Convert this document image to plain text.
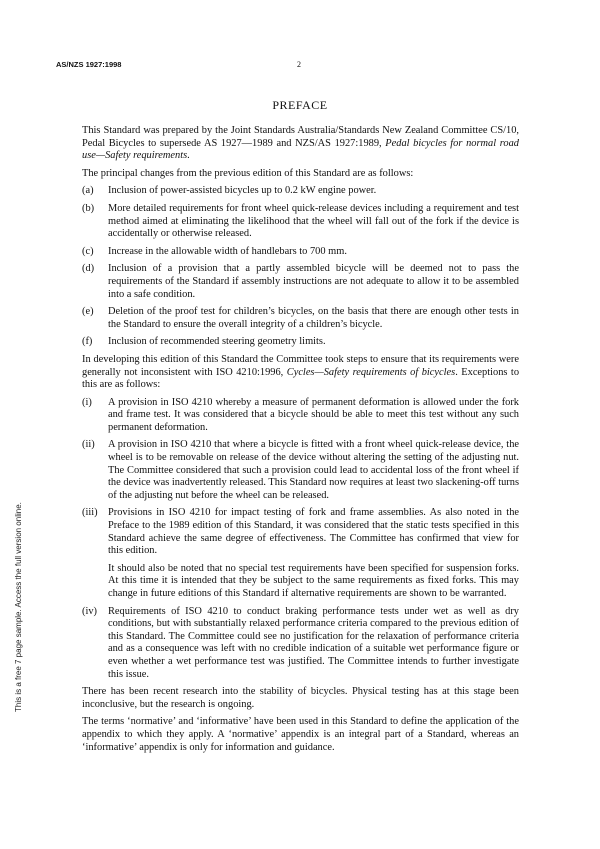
AS/NZS 1927:1998	2
This is a free 7 page sample. Access the full version online.
PREFACE

This Standard was prepared by the Joint Standards Australia/Standards New Zealand Committee CS/10, Pedal Bicycles to supersede AS 1927—1989 and NZS/AS 1927:1989, Pedal bicycles for normal road use—Safety requirements.

The principal changes from the previous edition of this Standard are as follows:

(a)	Inclusion of power-assisted bicycles up to 0.2 kW engine power.
(b)	More detailed requirements for front wheel quick-release devices including a requirement and test method aimed at eliminating the likelihood that the wheel will fall out of the fork if the device is accidentally or otherwise released.
(c)	Increase in the allowable width of handlebars to 700 mm.
(d)	Inclusion of a provision that a partly assembled bicycle will be deemed not to pass the requirements of the Standard if assembly instructions are not adequate to allow it to be assembled into a safe condition.
(e)	Deletion of the proof test for children’s bicycles, on the basis that there are enough other tests in the Standard to ensure the overall integrity of a children’s bicycle.
(f)	Inclusion of recommended steering geometry limits.

In developing this edition of this Standard the Committee took steps to ensure that its requirements were generally not inconsistent with ISO 4210:1996, Cycles—Safety requirements of bicycles. Exceptions to this are as follows:

(i)	A provision in ISO 4210 whereby a measure of permanent deformation is allowed under the fork and frame test. It was considered that a bicycle should be able to meet this test without any such permanent deformation.
(ii)	A provision in ISO 4210 that where a bicycle is fitted with a front wheel quick-release device, the wheel is to be removable on release of the device without altering the setting of the adjusting nut. The Committee considered that such a provision could lead to accidental loss of the front wheel if the device was inadvertently released. This Standard now requires at least two slackening-off turns of the adjusting nut before the wheel can be released.
(iii)	Provisions in ISO 4210 for impact testing of fork and frame assemblies. As also noted in the Preface to the 1989 edition of this Standard, it was considered that the static tests specified in this Standard achieve the same degree of effectiveness. The Committee has confirmed that view for this edition.
It should also be noted that no special test requirements have been specified for suspension forks. At this time it is intended that they be subject to the same requirements as fixed forks. This may change in future editions of this Standard if alternative requirements are shown to be warranted.
(iv)	Requirements of ISO 4210 to conduct braking performance tests under wet as well as dry conditions, but with substantially relaxed performance criteria compared to the previous edition of this Standard. The Committee could see no justification for the relaxation of performance criteria and as a consequence was left with no credible indication of a suitable wet performance figure or even whether a wet performance test was justified. The Committee intends to further investigate this issue.

There has been recent research into the stability of bicycles. Physical testing has at this stage been inconclusive, but the research is ongoing.

The terms ‘normative’ and ‘informative’ have been used in this Standard to define the application of the appendix to which they apply. A ‘normative’ appendix is an integral part of a Standard, whereas an ‘informative’ appendix is only for information and guidance.
